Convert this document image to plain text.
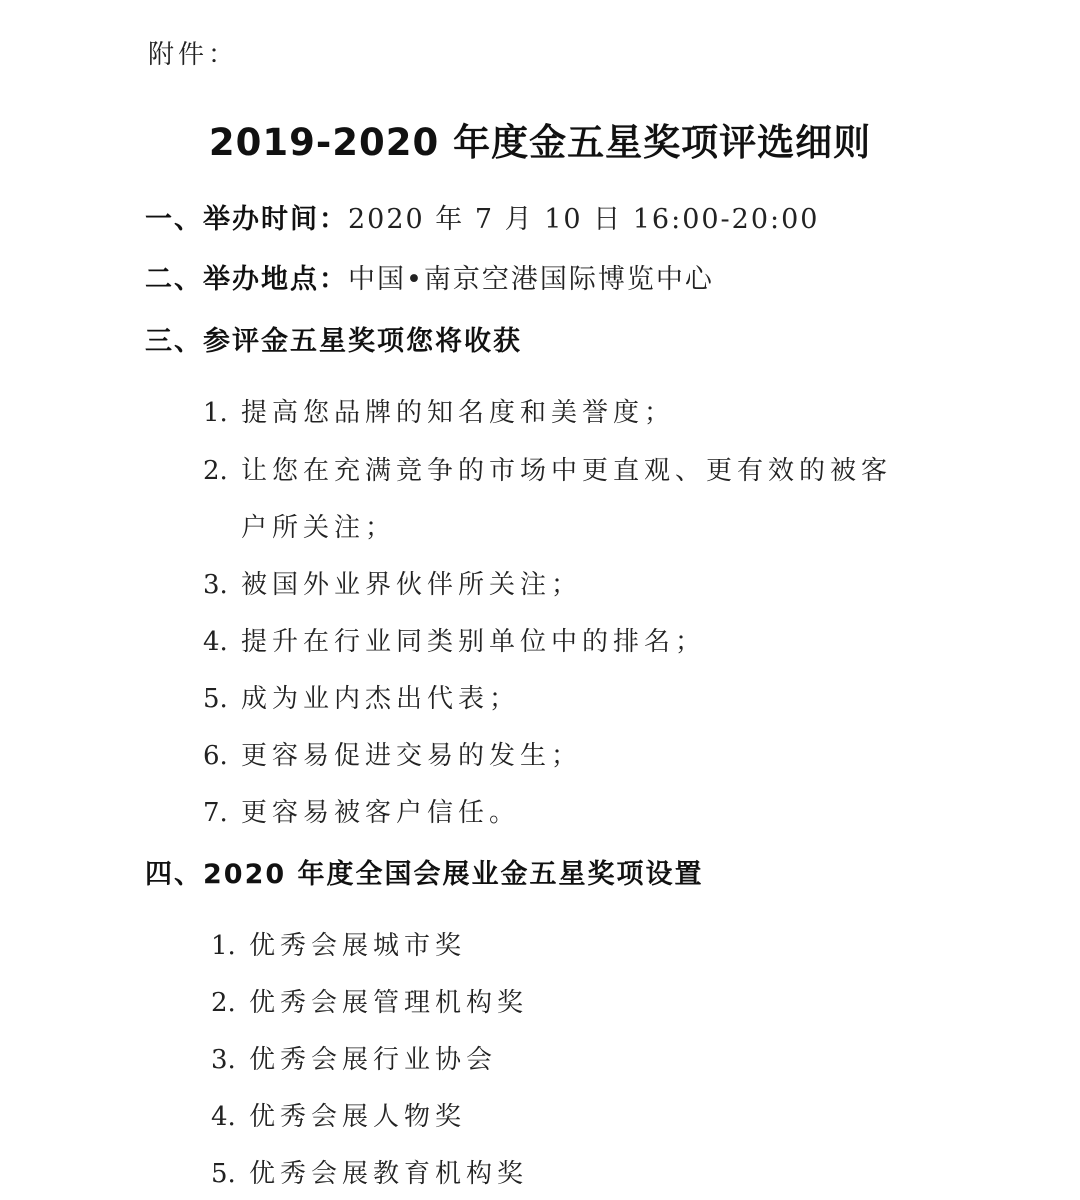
附件：
2019-2020 年度金五星奖项评选细则
一、举办时间：2020 年 7 月 10 日 16:00-20:00
二、举办地点：中国•南京空港国际博览中心
三、参评金五星奖项您将收获
1. 提高您品牌的知名度和美誉度；
2. 让您在充满竞争的市场中更直观、更有效的被客
户所关注；
3. 被国外业界伙伴所关注；
4. 提升在行业同类别单位中的排名；
5. 成为业内杰出代表；
6. 更容易促进交易的发生；
7. 更容易被客户信任。
四、2020 年度全国会展业金五星奖项设置
1. 优秀会展城市奖
2. 优秀会展管理机构奖
3. 优秀会展行业协会
4. 优秀会展人物奖
5. 优秀会展教育机构奖
